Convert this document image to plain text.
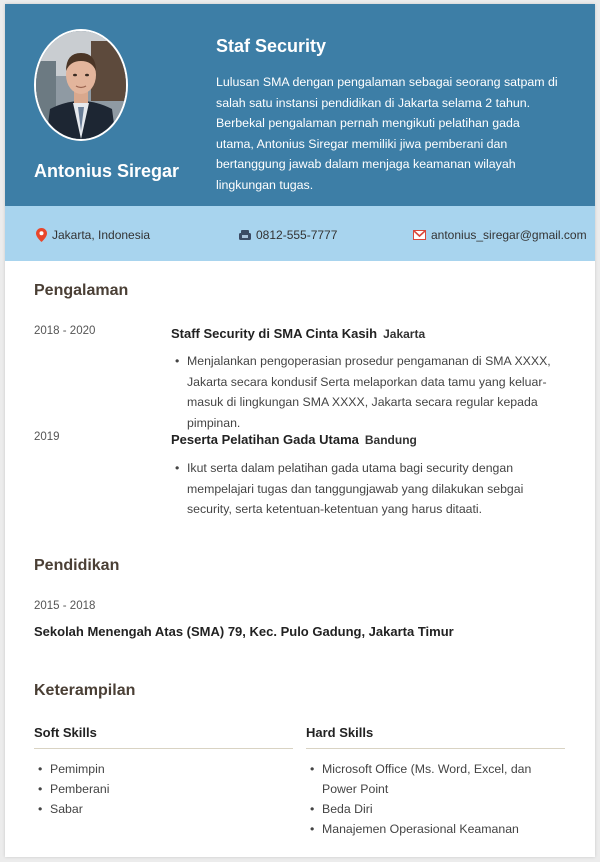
Antonius Siregar
Staf Security
Lulusan SMA dengan pengalaman sebagai seorang satpam di salah satu instansi pendidikan di Jakarta selama 2 tahun. Berbekal pengalaman pernah mengikuti pelatihan gada utama, Antonius Siregar memiliki jiwa pemberani dan bertanggung jawab dalam menjaga keamanan wilayah lingkungan tugas.
Jakarta, Indonesia	0812-555-7777	antonius_siregar@gmail.com
Pengalaman
2018 - 2020	Staff Security di SMA Cinta Kasih Jakarta
• Menjalankan pengoperasian prosedur pengamanan di SMA XXXX, Jakarta secara kondusif Serta melaporkan data tamu yang keluar-masuk di lingkungan SMA XXXX, Jakarta secara regular kepada pimpinan.
2019	Peserta Pelatihan Gada Utama Bandung
• Ikut serta dalam pelatihan gada utama bagi security dengan mempelajari tugas dan tanggungjawab yang dilakukan sebgai security, serta ketentuan-ketentuan yang harus ditaati.
Pendidikan
2015 - 2018
Sekolah Menengah Atas (SMA) 79, Kec. Pulo Gadung, Jakarta Timur
Keterampilan
Soft Skills
• Pemimpin
• Pemberani
• Sabar
Hard Skills
• Microsoft Office (Ms. Word, Excel, dan Power Point
• Beda Diri
• Manajemen Operasional Keamanan
